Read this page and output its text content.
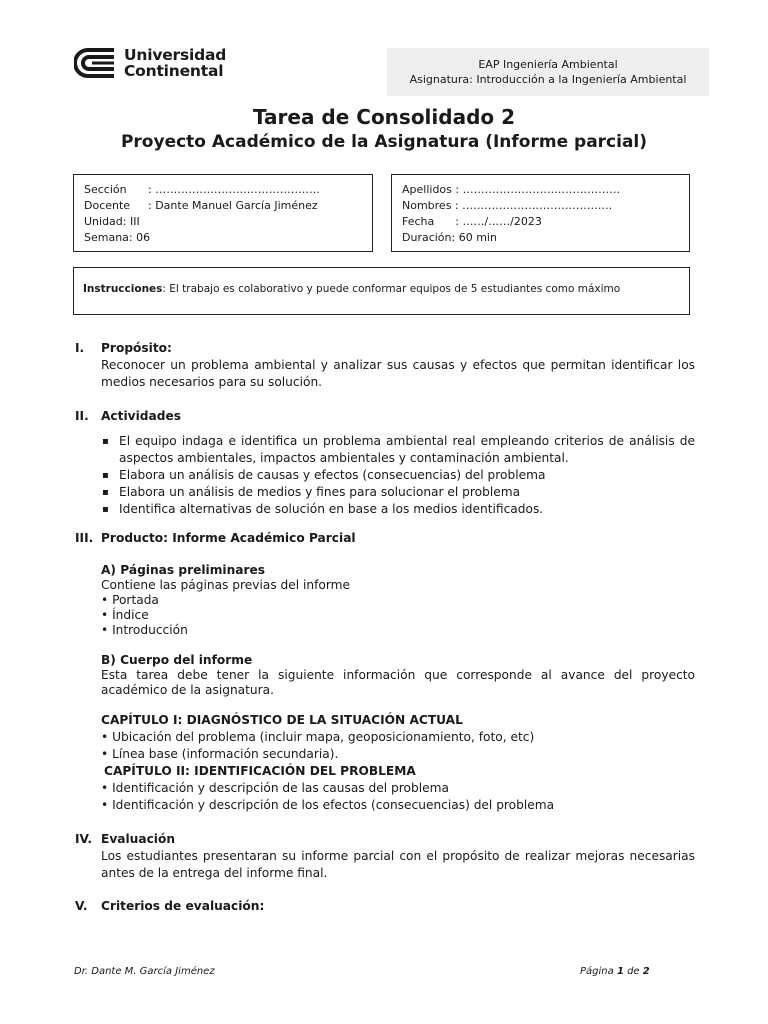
Universidad
Continental	EAP Ingeniería Ambiental
Asignatura: Introducción a la Ingeniería Ambiental
Tarea de Consolidado 2
Proyecto Académico de la Asignatura (Informe parcial)
Sección	: …………………….………………..
Docente	: Dante Manuel García Jiménez
Unidad: III
Semana: 06
Apellidos : …………………….………………
Nombres : …………………………………..
Fecha : ……/……/2023
Duración: 60 min
Instrucciones: El trabajo es colaborativo y puede conformar equipos de 5 estudiantes como máximo
I. Propósito:
Reconocer un problema ambiental y analizar sus causas y efectos que permitan identificar los medios necesarios para su solución.
II. Actividades
▪ El equipo indaga e identifica un problema ambiental real empleando criterios de análisis de aspectos ambientales, impactos ambientales y contaminación ambiental.
▪ Elabora un análisis de causas y efectos (consecuencias) del problema
▪ Elabora un análisis de medios y fines para solucionar el problema
▪ Identifica alternativas de solución en base a los medios identificados.
III. Producto: Informe Académico Parcial
A) Páginas preliminares
Contiene las páginas previas del informe
• Portada
• Índice
• Introducción
B) Cuerpo del informe
Esta tarea debe tener la siguiente información que corresponde al avance del proyecto académico de la asignatura.
CAPÍTULO I: DIAGNÓSTICO DE LA SITUACIÓN ACTUAL
• Ubicación del problema (incluir mapa, geoposicionamiento, foto, etc)
• Línea base (información secundaria).
CAPÍTULO II: IDENTIFICACIÓN DEL PROBLEMA
• Identificación y descripción de las causas del problema
• Identificación y descripción de los efectos (consecuencias) del problema
IV. Evaluación
Los estudiantes presentaran su informe parcial con el propósito de realizar mejoras necesarias antes de la entrega del informe final.
V. Criterios de evaluación:
Dr. Dante M. García Jiménez	Página 1 de 2
